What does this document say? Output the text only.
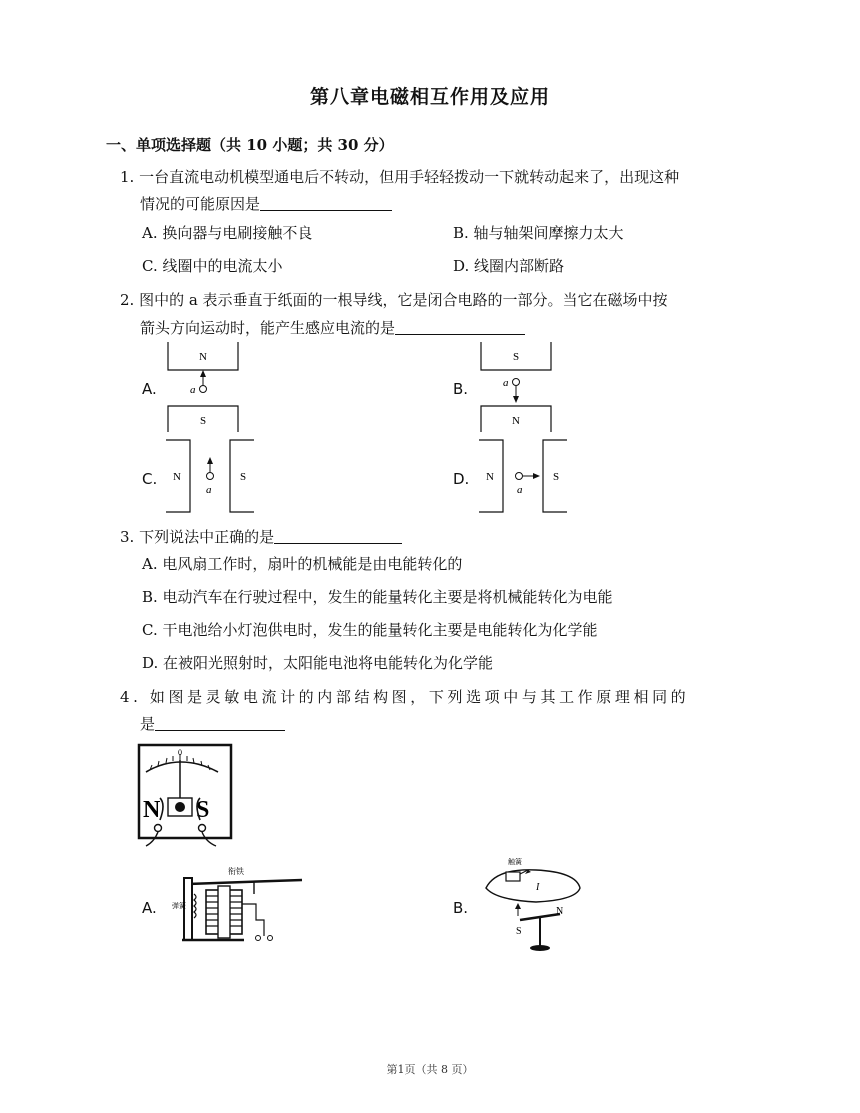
第八章电磁相互作用及应用
一、单项选择题（共 10 小题；共 30 分）
1. 一台直流电动机模型通电后不转动，但用手轻轻拨动一下就转动起来了，出现这种
情况的可能原因是
A. 换向器与电刷接触不良	B. 轴与轴架间摩擦力太大
C. 线圈中的电流太小	D. 线圈内部断路
2. 图中的 a 表示垂直于纸面的一根导线，它是闭合电路的一部分。当它在磁场中按
箭头方向运动时，能产生感应电流的是
A.
N
a
S
B.
S
a
N
C. N
a
S	D. N
a
S
3. 下列说法中正确的是
A. 电风扇工作时，扇叶的机械能是由电能转化的
B. 电动汽车在行驶过程中，发生的能量转化主要是将机械能转化为电能
C. 干电池给小灯泡供电时，发生的能量转化主要是电能转化为化学能
D. 在被阳光照射时，太阳能电池将电能转化为化学能
4. 如图是灵敏电流计的内部结构图，下列选项中与其工作原理相同的
是
0
N S
A.
衔铁
弹簧	B.
触簧
I
S
N
第1页（共 8 页）
